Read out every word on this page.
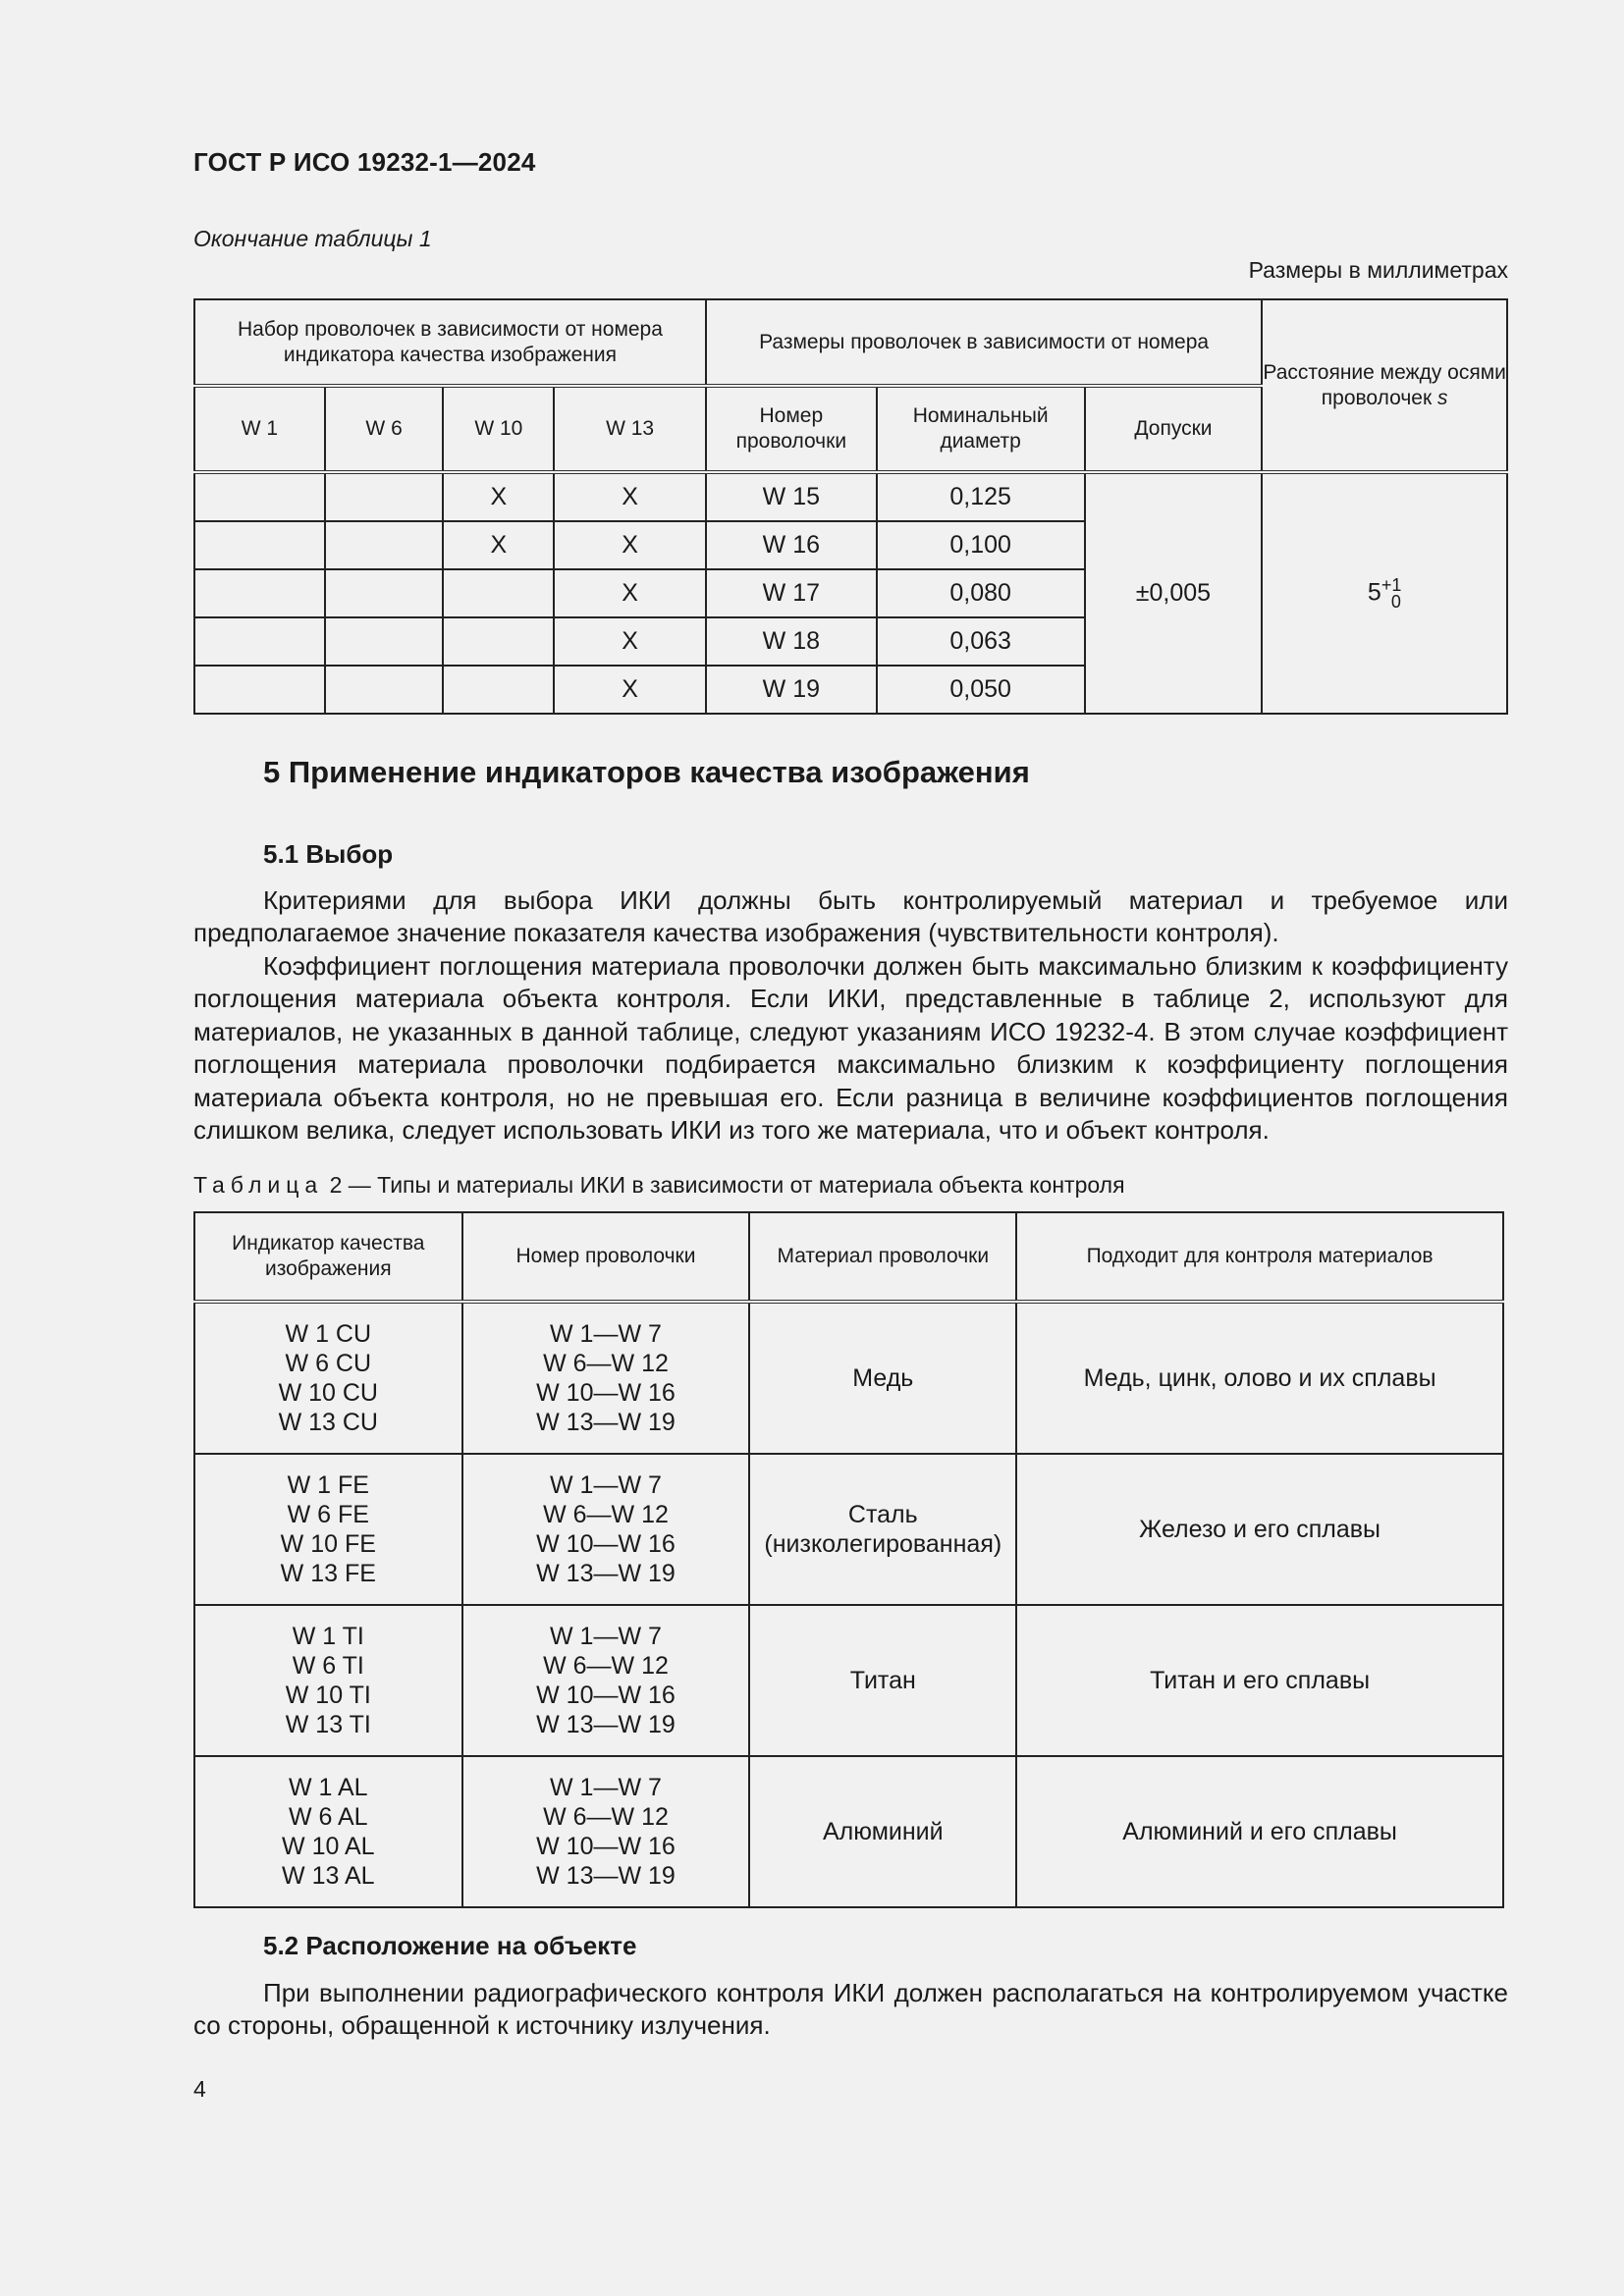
ГОСТ Р ИСО 19232-1—2024
Окончание таблицы 1
Размеры в миллиметрах
Набор проволочек в зависимости от номера индикатора качества изображения				Размеры проволочек в зависимости от номера			Расстояние между осями проволочек s
W 1	W 6	W 10	W 13	Номер проволочки	Номинальный диаметр	Допуски	
		X	X	W 15	0,125	±0,005	5 +1
0

		X	X	W 16	0,100		
			X	W 17	0,080		
			X	W 18	0,063		
			X	W 19	0,050		
5 Применение индикаторов качества изображения
5.1 Выбор
Критериями для выбора ИКИ должны быть контролируемый материал и требуемое или предполагаемое значение показателя качества изображения (чувствительности контроля).
Коэффициент поглощения материала проволочки должен быть максимально близким к коэффициенту поглощения материала объекта контроля. Если ИКИ, представленные в таблице 2, используют для материалов, не указанных в данной таблице, следуют указаниям ИСО 19232-4. В этом случае коэффициент поглощения материала проволочки подбирается максимально близким к коэффициенту поглощения материала объекта контроля, но не превышая его. Если разница в величине коэффициентов поглощения слишком велика, следует использовать ИКИ из того же материала, что и объект контроля.
Таблица 2 — Типы и материалы ИКИ в зависимости от материала объекта контроля
Индикатор качества изображения	Номер проволочки	Материал проволочки	Подходит для контроля материалов

W 1 CU
W 6 CU
W 10 CU
W 13 CU	W 1—W 7
W 6—W 12
W 10—W 16
W 13—W 19	Медь	Медь, цинк, олово и их сплавы

W 1 FE
W 6 FE
W 10 FE
W 13 FE	W 1—W 7
W 6—W 12
W 10—W 16
W 13—W 19	Сталь (низколегированная)	Железо и его сплавы

W 1 TI
W 6 TI
W 10 TI
W 13 TI	W 1—W 7
W 6—W 12
W 10—W 16
W 13—W 19	Титан	Титан и его сплавы

W 1 AL
W 6 AL
W 10 AL
W 13 AL	W 1—W 7
W 6—W 12
W 10—W 16
W 13—W 19	Алюминий	Алюминий и его сплавы
5.2 Расположение на объекте
При выполнении радиографического контроля ИКИ должен располагаться на контролируемом участке со стороны, обращенной к источнику излучения.
4
